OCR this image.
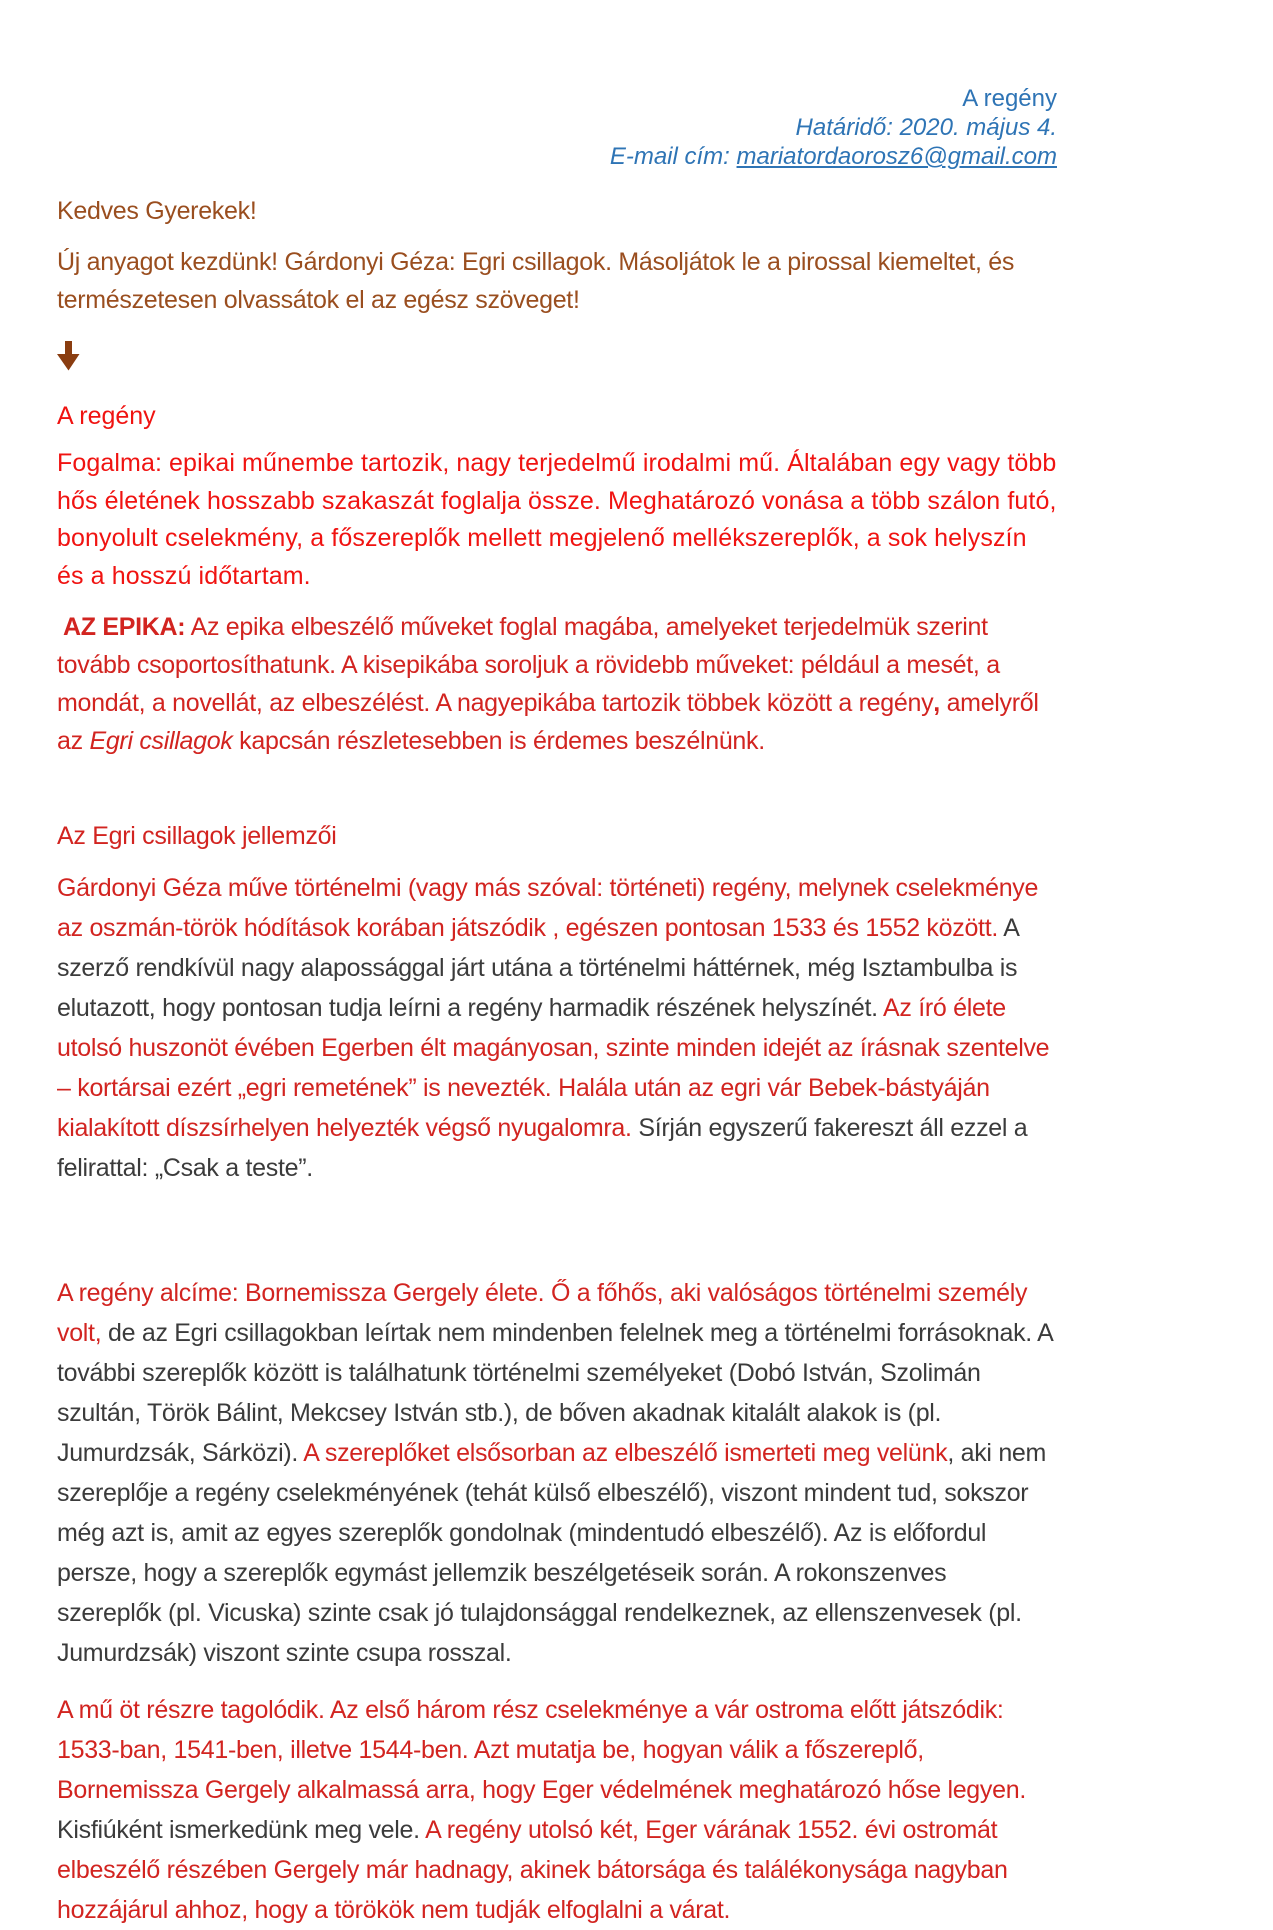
A regény
Határidő: 2020. május 4.
E-mail cím: mariatordaorosz6@gmail.com

Kedves Gyerekek!

Új anyagot kezdünk! Gárdonyi Géza: Egri csillagok. Másoljátok le a pirossal kiemeltet, és természetesen olvassátok el az egész szöveget!

A regény

Fogalma: epikai műnembe tartozik, nagy terjedelmű irodalmi mű. Általában egy vagy több hős életének hosszabb szakaszát foglalja össze. Meghatározó vonása a több szálon futó, bonyolult cselekmény, a főszereplők mellett megjelenő mellékszereplők, a sok helyszín és a hosszú időtartam.

AZ EPIKA: Az epika elbeszélő műveket foglal magába, amelyeket terjedelmük szerint tovább csoportosíthatunk. A kisepikába soroljuk a rövidebb műveket: például a mesét, a mondát, a novellát, az elbeszélést. A nagyepikába tartozik többek között a regény, amelyről az Egri csillagok kapcsán részletesebben is érdemes beszélnünk.

Az Egri csillagok jellemzői

Gárdonyi Géza műve történelmi (vagy más szóval: történeti) regény, melynek cselekménye az oszmán-török hódítások korában játszódik , egészen pontosan 1533 és 1552 között. A szerző rendkívül nagy alapossággal járt utána a történelmi háttérnek, még Isztambulba is elutazott, hogy pontosan tudja leírni a regény harmadik részének helyszínét. Az író élete utolsó huszonöt évében Egerben élt magányosan, szinte minden idejét az írásnak szentelve – kortársai ezért „egri remetének” is nevezték. Halála után az egri vár Bebek-bástyáján kialakított díszsírhelyen helyezték végső nyugalomra. Sírján egyszerű fakereszt áll ezzel a felirattal: „Csak a teste”.

A regény alcíme: Bornemissza Gergely élete. Ő a főhős, aki valóságos történelmi személy volt, de az Egri csillagokban leírtak nem mindenben felelnek meg a történelmi forrásoknak. A további szereplők között is találhatunk történelmi személyeket (Dobó István, Szolimán szultán, Török Bálint, Mekcsey István stb.), de bőven akadnak kitalált alakok is (pl. Jumurdzsák, Sárközi). A szereplőket elsősorban az elbeszélő ismerteti meg velünk, aki nem szereplője a regény cselekményének (tehát külső elbeszélő), viszont mindent tud, sokszor még azt is, amit az egyes szereplők gondolnak (mindentudó elbeszélő). Az is előfordul persze, hogy a szereplők egymást jellemzik beszélgetéseik során. A rokonszenves szereplők (pl. Vicuska) szinte csak jó tulajdonsággal rendelkeznek, az ellenszenvesek (pl. Jumurdzsák) viszont szinte csupa rosszal.

A mű öt részre tagolódik. Az első három rész cselekménye a vár ostroma előtt játszódik: 1533-ban, 1541-ben, illetve 1544-ben. Azt mutatja be, hogyan válik a főszereplő, Bornemissza Gergely alkalmassá arra, hogy Eger védelmének meghatározó hőse legyen. Kisfiúként ismerkedünk meg vele. A regény utolsó két, Eger várának 1552. évi ostromát elbeszélő részében Gergely már hadnagy, akinek bátorsága és találékonysága nagyban hozzájárul ahhoz, hogy a törökök nem tudják elfoglalni a várat.
